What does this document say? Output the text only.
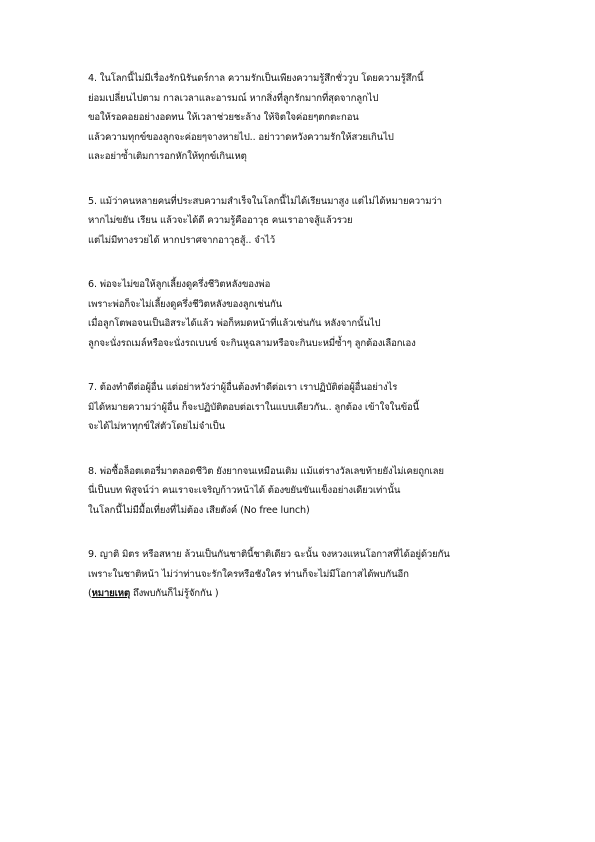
4. ในโลกนี้ไม่มีเรื่องรักนิรันดร์กาล ความรักเป็นเพียงความรู้สึกชั่ววูบ โดยความรู้สึกนี้
ย่อมเปลี่ยนไปตาม กาลเวลาและอารมณ์ หากสิ่งที่ลูกรักมากที่สุดจากลูกไป
ขอให้รอคอยอย่างอดทน ให้เวลาช่วยชะล้าง ให้จิตใจค่อยๆตกตะกอน
แล้วความทุกข์ของลูกจะค่อยๆจางหายไป.. อย่าวาดหวังความรักให้สวยเกินไป
และอย่าซ้ำเติมการอกหักให้ทุกข์เกินเหตุ
5. แม้ว่าคนหลายคนที่ประสบความสำเร็จในโลกนี้ไม่ได้เรียนมาสูง แต่ไม่ได้หมายความว่า
หากไม่ขยัน เรียน แล้วจะได้ดี ความรู้คืออาวุธ คนเราอาจสู้แล้วรวย
แต่ไม่มีทางรวยได้ หากปราศจากอาวุธสู้.. จำไว้
6. พ่อจะไม่ขอให้ลูกเลี้ยงดูครึ่งชีวิตหลังของพ่อ
เพราะพ่อก็จะไม่เลี้ยงดูครึ่งชีวิตหลังของลูกเช่นกัน
เมื่อลูกโตพอจนเป็นอิสระได้แล้ว พ่อก็หมดหน้าที่แล้วเช่นกัน หลังจากนั้นไป
ลูกจะนั่งรถเมล์หรือจะนั่งรถเบนซ์ จะกินหูฉลามหรือจะกินบะหมี่ซ้ำๆ ลูกต้องเลือกเอง
7. ต้องทำดีต่อผู้อื่น แต่อย่าหวังว่าผู้อื่นต้องทำดีต่อเรา เราปฏิบัติต่อผู้อื่นอย่างไร
มิได้หมายความว่าผู้อื่น ก็จะปฏิบัติตอบต่อเราในแบบเดียวกัน.. ลูกต้อง เข้าใจในข้อนี้
จะได้ไม่หาทุกข์ใส่ตัวโดยไม่จำเป็น
8. พ่อซื้อล็อตเตอรี่มาตลอดชีวิต ยังยากจนเหมือนเดิม แม้แต่รางวัลเลขท้ายยังไม่เคยถูกเลย
นี่เป็นบท พิสูจน์ว่า คนเราจะเจริญก้าวหน้าได้ ต้องขยันขันแข็งอย่างเดียวเท่านั้น
ในโลกนี้ไม่มีมื้อเที่ยงที่ไม่ต้อง เสียตังค์ (No free lunch)
9. ญาติ มิตร หรือสหาย ล้วนเป็นกันชาตินี้ชาติเดียว ฉะนั้น จงหวงแหนโอกาสที่ได้อยู่ด้วยกัน
เพราะในชาติหน้า ไม่ว่าท่านจะรักใครหรือชังใคร ท่านก็จะไม่มีโอกาสได้พบกันอีก
(หมายเหตุ ถึงพบกันก็ไม่รู้จักกัน )
